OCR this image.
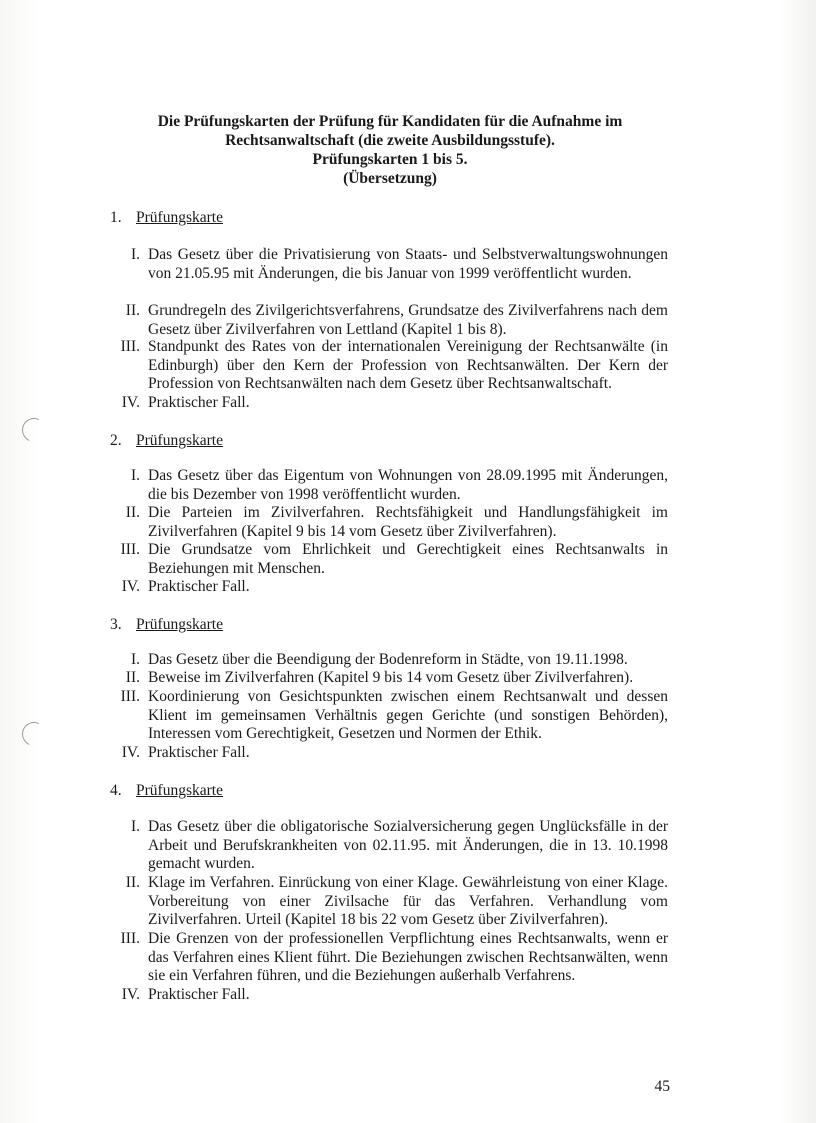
Die Prüfungskarten der Prüfung für Kandidaten für die Aufnahme im
Rechtsanwaltschaft (die zweite Ausbildungsstufe).
Prüfungskarten 1 bis 5.
(Übersetzung)
1. Prüfungskarte
I. Das Gesetz über die Privatisierung von Staats- und Selbstverwaltungswohnungen von 21.05.95 mit Änderungen, die bis Januar von 1999 veröffentlicht wurden.
II. Grundregeln des Zivilgerichtsverfahrens, Grundsatze des Zivilverfahrens nach dem Gesetz über Zivilverfahren von Lettland (Kapitel 1 bis 8).
III. Standpunkt des Rates von der internationalen Vereinigung der Rechtsanwälte (in Edinburgh) über den Kern der Profession von Rechtsanwälten. Der Kern der Profession von Rechtsanwälten nach dem Gesetz über Rechtsanwaltschaft.
IV. Praktischer Fall.
2. Prüfungskarte
I. Das Gesetz über das Eigentum von Wohnungen von 28.09.1995 mit Änderungen, die bis Dezember von 1998 veröffentlicht wurden.
II. Die Parteien im Zivilverfahren. Rechtsfähigkeit und Handlungsfähigkeit im Zivilverfahren (Kapitel 9 bis 14 vom Gesetz über Zivilverfahren).
III. Die Grundsatze vom Ehrlichkeit und Gerechtigkeit eines Rechtsanwalts in Beziehungen mit Menschen.
IV. Praktischer Fall.
3. Prüfungskarte
I. Das Gesetz über die Beendigung der Bodenreform in Städte, von 19.11.1998.
II. Beweise im Zivilverfahren (Kapitel 9 bis 14 vom Gesetz über Zivilverfahren).
III. Koordinierung von Gesichtspunkten zwischen einem Rechtsanwalt und dessen Klient im gemeinsamen Verhältnis gegen Gerichte (und sonstigen Behörden), Interessen vom Gerechtigkeit, Gesetzen und Normen der Ethik.
IV. Praktischer Fall.
4. Prüfungskarte
I. Das Gesetz über die obligatorische Sozialversicherung gegen Unglücksfälle in der Arbeit und Berufskrankheiten von 02.11.95. mit Änderungen, die in 13. 10.1998 gemacht wurden.
II. Klage im Verfahren. Einrückung von einer Klage. Gewährleistung von einer Klage. Vorbereitung von einer Zivilsache für das Verfahren. Verhandlung vom Zivilverfahren. Urteil (Kapitel 18 bis 22 vom Gesetz über Zivilverfahren).
III. Die Grenzen von der professionellen Verpflichtung eines Rechtsanwalts, wenn er das Verfahren eines Klient führt. Die Beziehungen zwischen Rechtsanwälten, wenn sie ein Verfahren führen, und die Beziehungen außerhalb Verfahrens.
IV. Praktischer Fall.
45
